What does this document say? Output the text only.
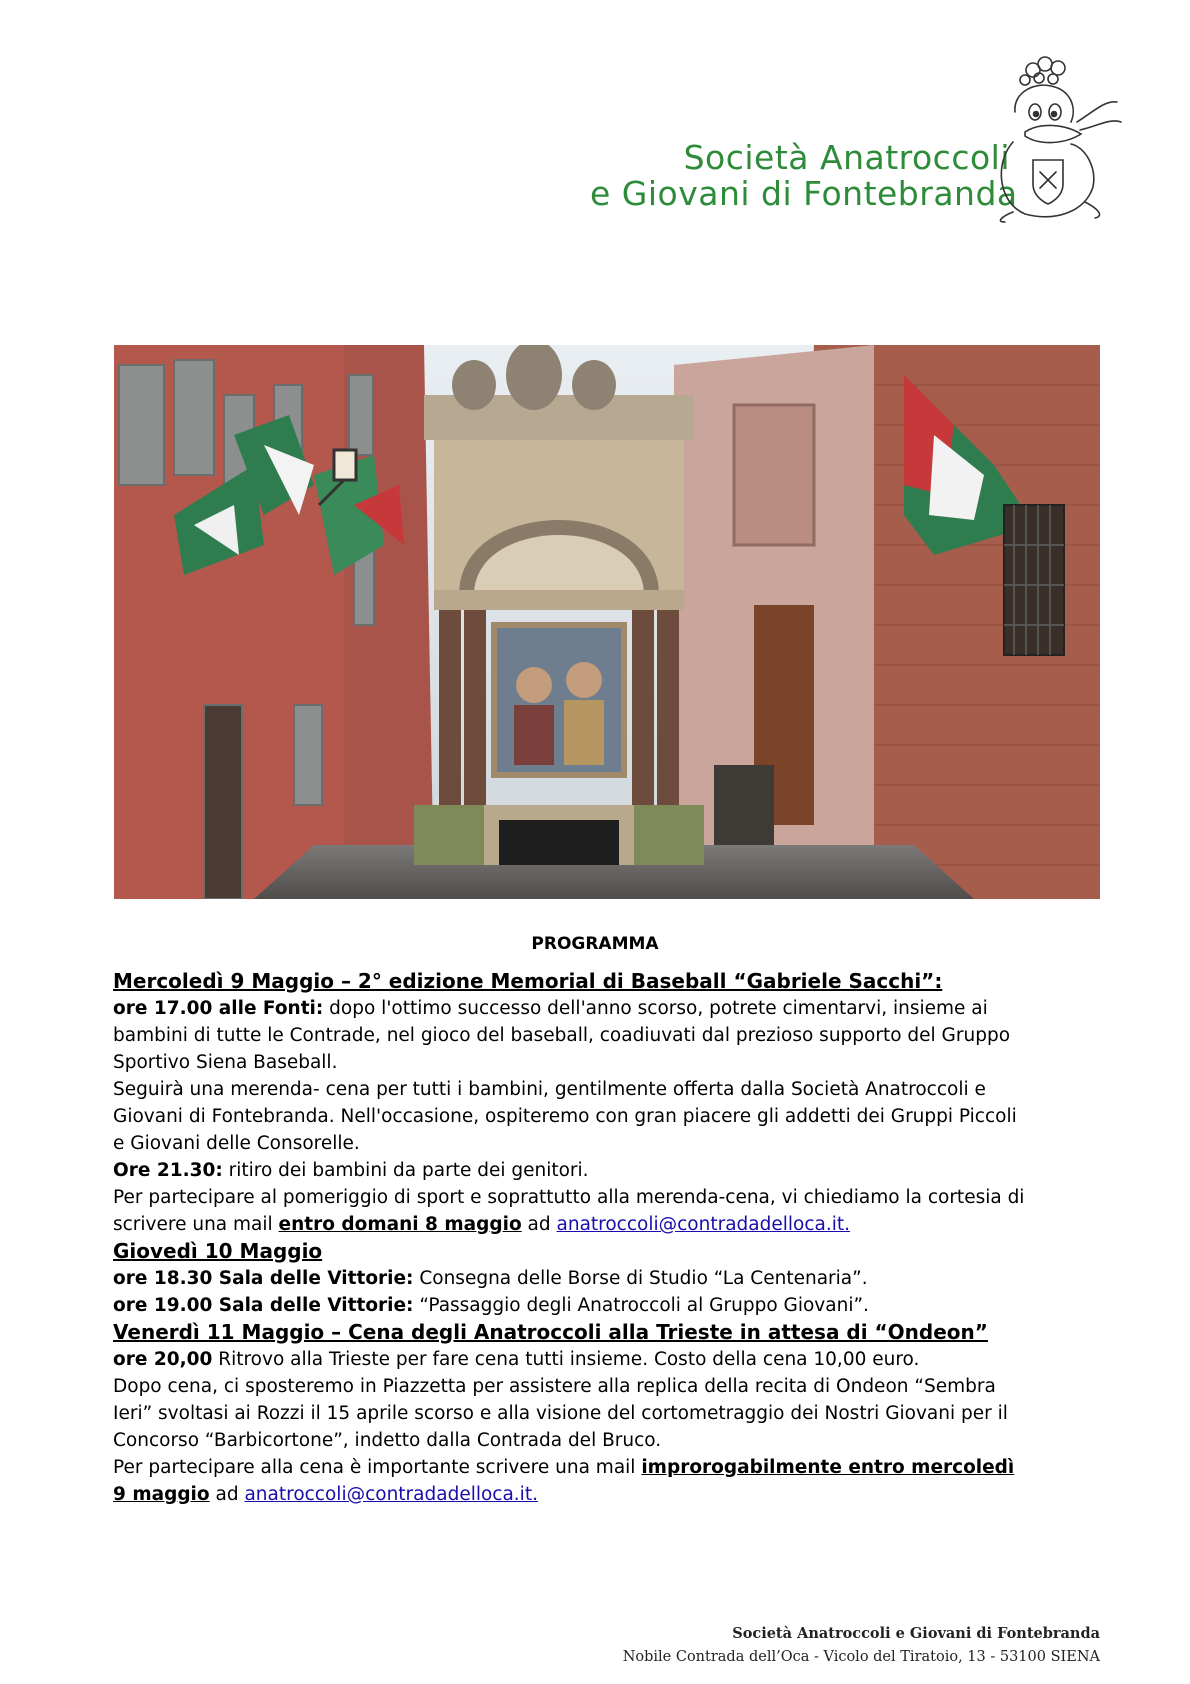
Società Anatroccoli
e Giovani di Fontebranda
PROGRAMMA
Mercoledì 9 Maggio – 2° edizione Memorial di Baseball “Gabriele Sacchi”:
ore 17.00 alle Fonti: dopo l'ottimo successo dell'anno scorso, potrete cimentarvi, insieme ai
bambini di tutte le Contrade, nel gioco del baseball, coadiuvati dal prezioso supporto del Gruppo
Sportivo Siena Baseball.
Seguirà una merenda- cena per tutti i bambini, gentilmente offerta dalla Società Anatroccoli e
Giovani di Fontebranda. Nell'occasione, ospiteremo con gran piacere gli addetti dei Gruppi Piccoli
e Giovani delle Consorelle.
Ore 21.30: ritiro dei bambini da parte dei genitori.
Per partecipare al pomeriggio di sport e soprattutto alla merenda-cena, vi chiediamo la cortesia di
scrivere una mail entro domani 8 maggio ad anatroccoli@contradadelloca.it.
Giovedì 10 Maggio
ore 18.30 Sala delle Vittorie: Consegna delle Borse di Studio “La Centenaria”.
ore 19.00 Sala delle Vittorie: “Passaggio degli Anatroccoli al Gruppo Giovani”.
Venerdì 11 Maggio – Cena degli Anatroccoli alla Trieste in attesa di “Ondeon”
ore 20,00 Ritrovo alla Trieste per fare cena tutti insieme. Costo della cena 10,00 euro.
Dopo cena, ci sposteremo in Piazzetta per assistere alla replica della recita di Ondeon “Sembra
Ieri” svoltasi ai Rozzi il 15 aprile scorso e alla visione del cortometraggio dei Nostri Giovani per il
Concorso “Barbicortone”, indetto dalla Contrada del Bruco.
Per partecipare alla cena è importante scrivere una mail improrogabilmente entro mercoledì
9 maggio ad anatroccoli@contradadelloca.it.
Società Anatroccoli e Giovani di Fontebranda
Nobile Contrada dell’Oca - Vicolo del Tiratoio, 13 - 53100 SIENA
